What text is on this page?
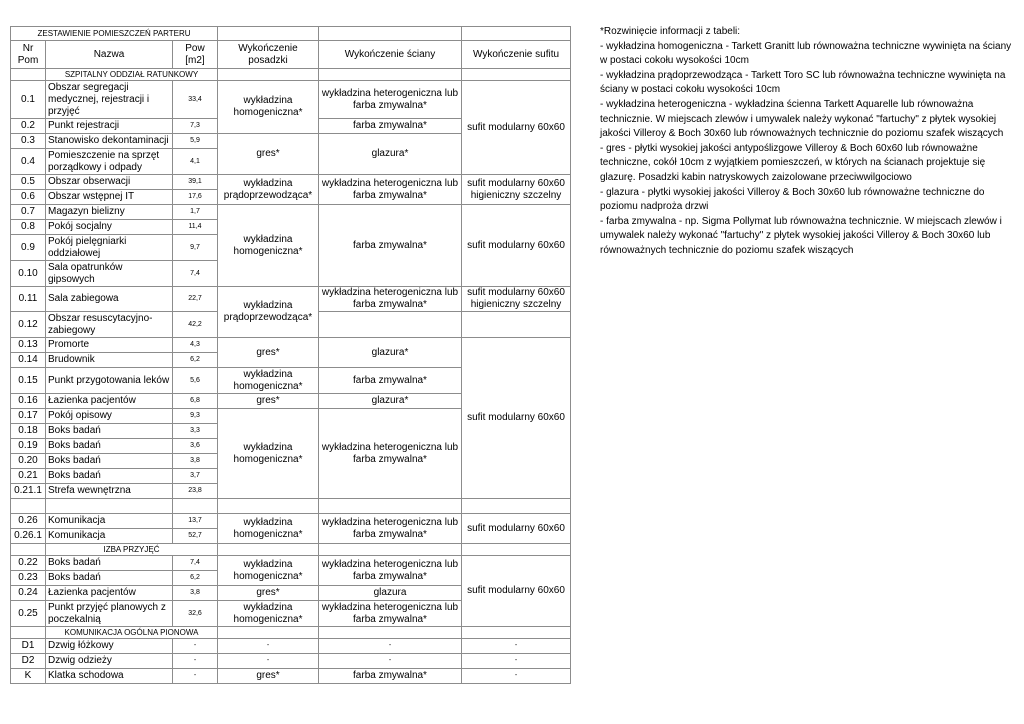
ZESTAWIENIE POMIESZCZEŃ PARTERU					
Nr Pom	Nazwa	Pow [m2]	Wykończenie posadzki	Wykończenie ściany	Wykończenie sufitu
	SZPITALNY ODDZIAŁ RATUNKOWY				
0.1	Obszar segregacji medycznej, rejestracji i przyjęć	33,4	wykładzina homogeniczna*	wykładzina heterogeniczna lub farba zmywalna*	sufit modularny 60x60
0.2	Punkt rejestracji	7,3		farba zmywalna*	
0.3	Stanowisko dekontaminacji	5,9	gres*	glazura*	
0.4	Pomieszczenie na sprzęt porządkowy i odpady	4,1			
0.5	Obszar obserwacji	39,1	wykładzina prądoprzewodząca*	wykładzina heterogeniczna lub farba zmywalna*	sufit modularny 60x60 higieniczny szczelny
0.6	Obszar wstępnej IT	17,6			
0.7	Magazyn bielizny	1,7	wykładzina homogeniczna*	farba zmywalna*	sufit modularny 60x60
0.8	Pokój socjalny	11,4			
0.9	Pokój pielęgniarki oddziałowej	9,7			
0.10	Sala opatrunków gipsowych	7,4			
0.11	Sala zabiegowa	22,7	wykładzina prądoprzewodząca*	wykładzina heterogeniczna lub farba zmywalna*	sufit modularny 60x60 higieniczny szczelny
0.12	Obszar resuscytacyjno-zabiegowy	42,2			
0.13	Promorte	4,3	gres*	glazura*	sufit modularny 60x60
0.14	Brudownik	6,2			
0.15	Punkt przygotowania leków	5,6	wykładzina homogeniczna*	farba zmywalna*	
0.16	Łazienka pacjentów	6,8	gres*	glazura*	
0.17	Pokój opisowy	9,3	wykładzina homogeniczna*	wykładzina heterogeniczna lub farba zmywalna*	
0.18	Boks badań	3,3			
0.19	Boks badań	3,6			
0.20	Boks badań	3,8			
0.21	Boks badań	3,7			
0.21.1	Strefa wewnętrzna	23,8			

0.26	Komunikacja	13,7	wykładzina homogeniczna*	wykładzina heterogeniczna lub farba zmywalna*	sufit modularny 60x60
0.26.1	Komunikacja	52,7			
	IZBA PRZYJĘĆ				
0.22	Boks badań	7,4	wykładzina homogeniczna*	wykładzina heterogeniczna lub farba zmywalna*	sufit modularny 60x60
0.23	Boks badań	6,2			
0.24	Łazienka pacjentów	3,8	gres*	glazura	
0.25	Punkt przyjęć planowych z poczekalnią	32,6	wykładzina homogeniczna*	wykładzina heterogeniczna lub farba zmywalna*	
	KOMUNIKACJA OGÓLNA PIONOWA				
D1	Dzwig łóżkowy	-	-	-	-
D2	Dzwig odzieży	-	-	-	-
K	Klatka schodowa	-	gres*	farba zmywalna*	-

*Rozwinięcie informacji z tabeli:

- wykładzina homogeniczna - Tarkett Granitt lub równoważna techniczne wywinięta na ściany w postaci cokołu wysokości 10cm

- wykładzina prądoprzewodząca - Tarkett Toro SC lub równoważna techniczne wywinięta na ściany w postaci cokołu wysokości 10cm

- wykładzina heterogeniczna - wykładzina ścienna Tarkett Aquarelle lub równoważna technicznie. W miejscach zlewów i umywalek należy wykonać "fartuchy" z płytek wysokiej jakości Villeroy & Boch 30x60 lub równoważnych technicznie do poziomu szafek wiszących

- gres - płytki wysokiej jakości antypoślizgowe Villeroy & Boch 60x60 lub równoważne techniczne, cokół 10cm z wyjątkiem pomieszczeń, w których na ścianach projektuje się glazurę. Posadzki kabin natryskowych zaizolowane przeciwwilgociowo

- glazura - płytki wysokiej jakości Villeroy & Boch 30x60 lub równoważne techniczne do poziomu nadproża drzwi

- farba zmywalna - np. Sigma Pollymat lub równoważna technicznie. W miejscach zlewów i umywalek należy wykonać "fartuchy" z płytek wysokiej jakości Villeroy & Boch 30x60 lub równoważnych technicznie do poziomu szafek wiszących
